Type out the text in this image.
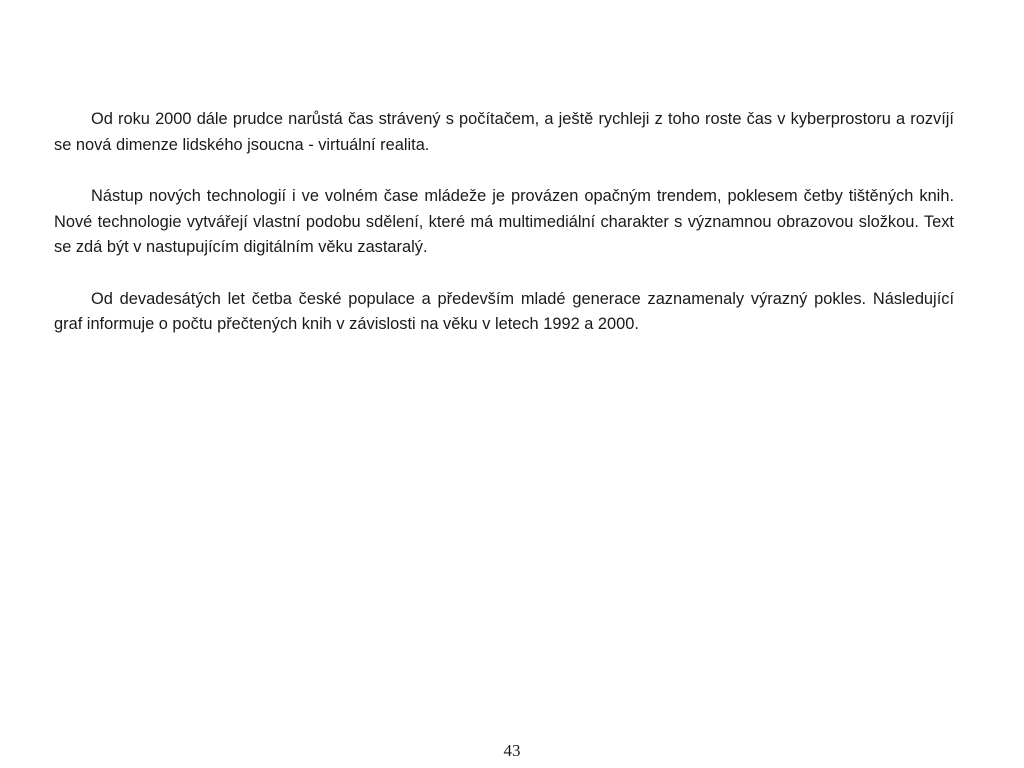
Od roku 2000 dále prudce narůstá čas strávený s počítačem, a ještě rychleji z toho roste čas v kyberprostoru a rozvíjí se nová dimenze lidského jsoucna - virtuální realita.

Nástup nových technologií i ve volném čase mládeže je provázen opačným trendem, poklesem četby tištěných knih. Nové technologie vytvářejí vlastní podobu sdělení, které má multimediální charakter s významnou obrazovou složkou. Text se zdá být v nastupujícím digitálním věku zastaralý.

Od devadesátých let četba české populace a především mladé generace zaznamenaly výrazný pokles. Následující graf informuje o počtu přečtených knih v závislosti na věku v letech 1992 a 2000.

43
